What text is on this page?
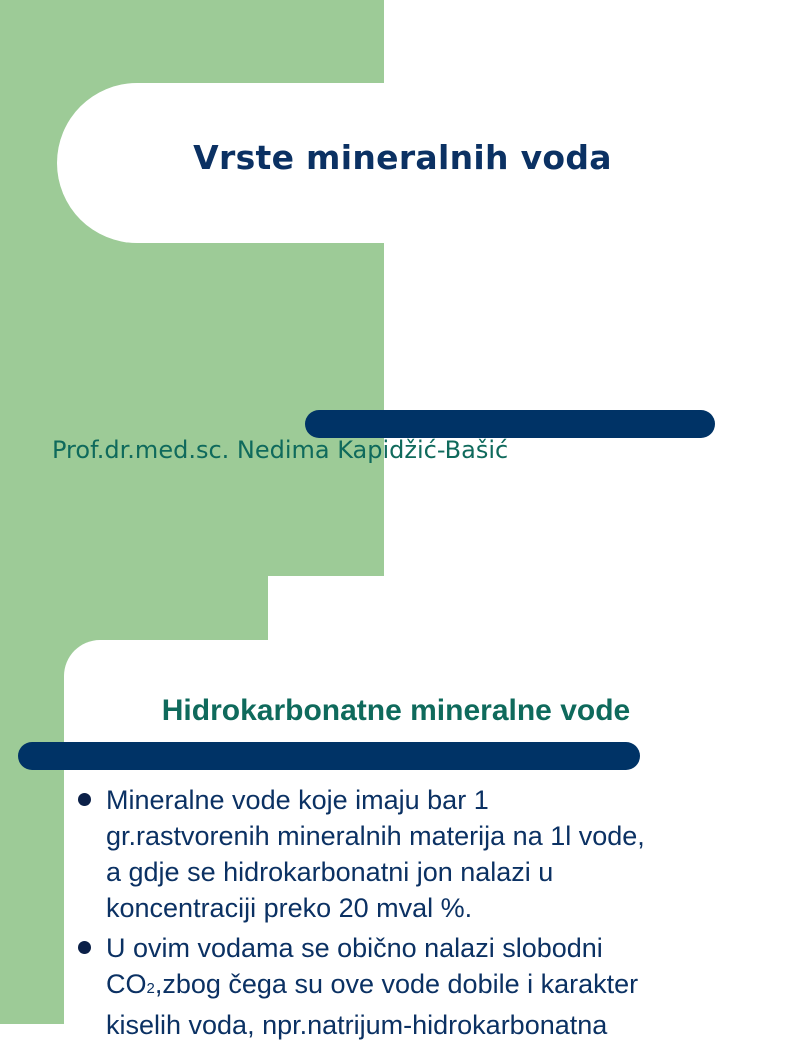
Vrste mineralnih voda
Prof.dr.med.sc. Nedima Kapidžić-Bašić
Hidrokarbonatne mineralne vode
Mineralne vode koje imaju bar 1
gr.rastvorenih mineralnih materija na 1l vode,
a gdje se hidrokarbonatni jon nalazi u
koncentraciji preko 20 mval %.
U ovim vodama se obično nalazi slobodni
CO2,zbog čega su ove vode dobile i karakter
kiselih voda, npr.natrijum-hidrokarbonatna
